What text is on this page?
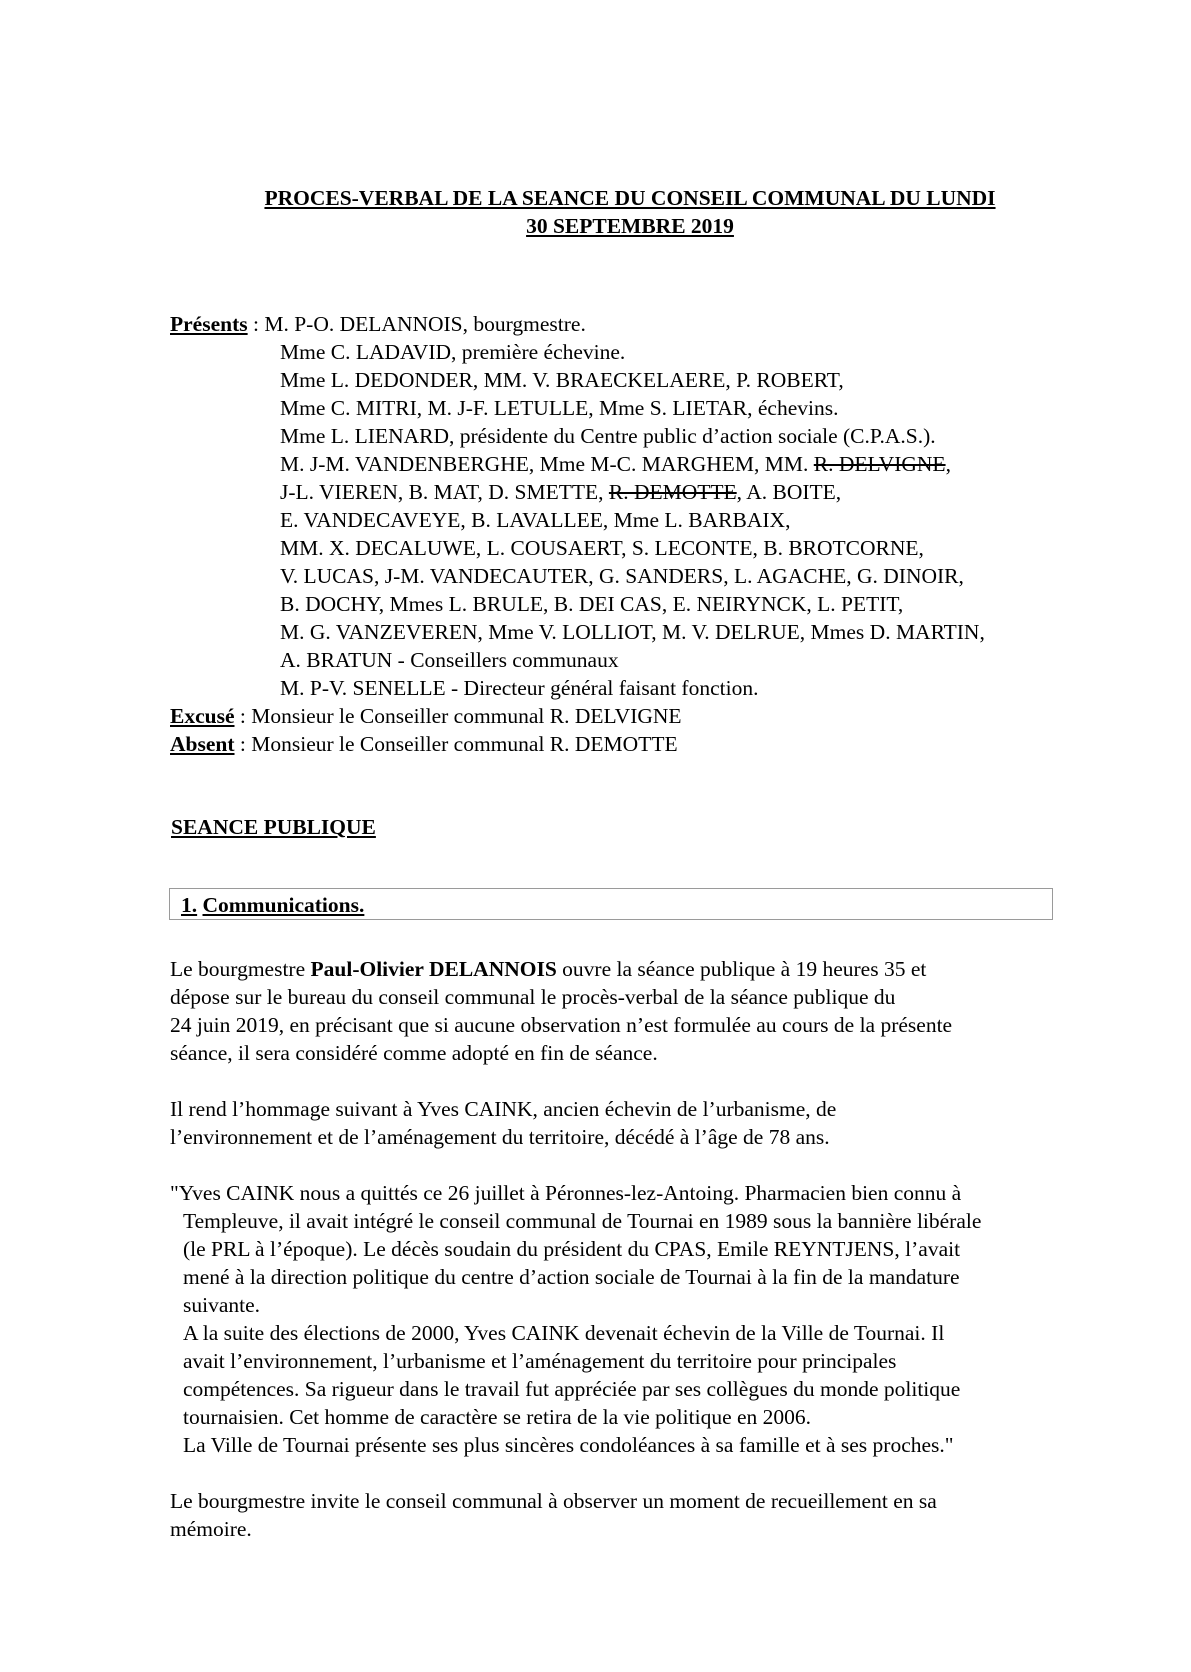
PROCES-VERBAL DE LA SEANCE DU CONSEIL COMMUNAL DU LUNDI
30 SEPTEMBRE 2019
Présents : M. P-O. DELANNOIS, bourgmestre.
Mme C. LADAVID, première échevine.
Mme L. DEDONDER, MM. V. BRAECKELAERE, P. ROBERT,
Mme C. MITRI, M. J-F. LETULLE, Mme S. LIETAR, échevins.
Mme L. LIENARD, présidente du Centre public d’action sociale (C.P.A.S.).
M. J-M. VANDENBERGHE, Mme M-C. MARGHEM, MM. R. DELVIGNE,
J-L. VIEREN, B. MAT, D. SMETTE, R. DEMOTTE, A. BOITE,
E. VANDECAVEYE, B. LAVALLEE, Mme L. BARBAIX,
MM. X. DECALUWE, L. COUSAERT, S. LECONTE, B. BROTCORNE,
V. LUCAS, J-M. VANDECAUTER, G. SANDERS, L. AGACHE, G. DINOIR,
B. DOCHY, Mmes L. BRULE, B. DEI CAS, E. NEIRYNCK, L. PETIT,
M. G. VANZEVEREN, Mme V. LOLLIOT, M. V. DELRUE, Mmes D. MARTIN,
A. BRATUN - Conseillers communaux
M. P-V. SENELLE - Directeur général faisant fonction.
Excusé : Monsieur le Conseiller communal R. DELVIGNE
Absent : Monsieur le Conseiller communal R. DEMOTTE
SEANCE PUBLIQUE
1. Communications.
Le bourgmestre Paul-Olivier DELANNOIS ouvre la séance publique à 19 heures 35 et
dépose sur le bureau du conseil communal le procès-verbal de la séance publique du
24 juin 2019, en précisant que si aucune observation n’est formulée au cours de la présente
séance, il sera considéré comme adopté en fin de séance.
Il rend l’hommage suivant à Yves CAINK, ancien échevin de l’urbanisme, de
l’environnement et de l’aménagement du territoire, décédé à l’âge de 78 ans.
"Yves CAINK nous a quittés ce 26 juillet à Péronnes-lez-Antoing. Pharmacien bien connu à
Templeuve, il avait intégré le conseil communal de Tournai en 1989 sous la bannière libérale
(le PRL à l’époque). Le décès soudain du président du CPAS, Emile REYNTJENS, l’avait
mené à la direction politique du centre d’action sociale de Tournai à la fin de la mandature
suivante.
A la suite des élections de 2000, Yves CAINK devenait échevin de la Ville de Tournai. Il
avait l’environnement, l’urbanisme et l’aménagement du territoire pour principales
compétences. Sa rigueur dans le travail fut appréciée par ses collègues du monde politique
tournaisien. Cet homme de caractère se retira de la vie politique en 2006.
La Ville de Tournai présente ses plus sincères condoléances à sa famille et à ses proches."
Le bourgmestre invite le conseil communal à observer un moment de recueillement en sa
mémoire.
